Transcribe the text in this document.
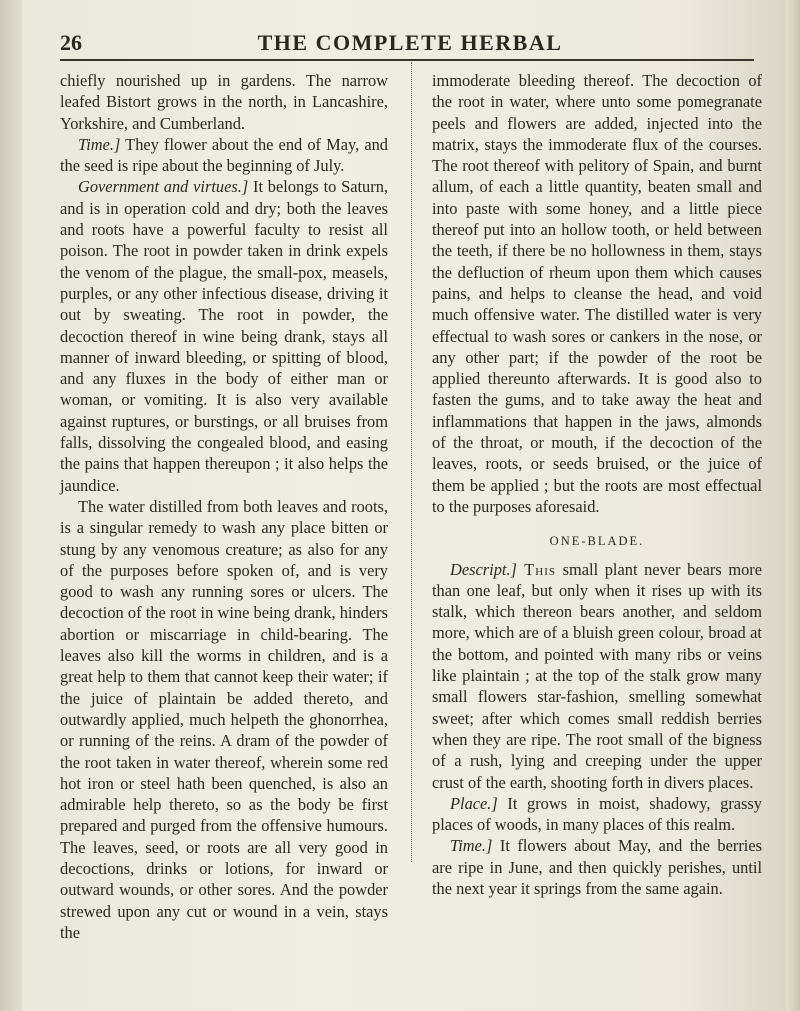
26	THE COMPLETE HERBAL

chiefly nourished up in gardens. The narrow leafed Bistort grows in the north, in Lancashire, Yorkshire, and Cumberland.

Time.] They flower about the end of May, and the seed is ripe about the beginning of July.

Government and virtues.] It belongs to Saturn, and is in operation cold and dry; both the leaves and roots have a powerful faculty to resist all poison. The root in powder taken in drink expels the venom of the plague, the small-pox, measels, purples, or any other infectious disease, driving it out by sweating. The root in powder, the decoction thereof in wine being drank, stays all manner of inward bleeding, or spitting of blood, and any fluxes in the body of either man or woman, or vomiting. It is also very available against ruptures, or burstings, or all bruises from falls, dissolving the congealed blood, and easing the pains that happen thereupon ; it also helps the jaundice.

The water distilled from both leaves and roots, is a singular remedy to wash any place bitten or stung by any venomous creature; as also for any of the purposes before spoken of, and is very good to wash any running sores or ulcers. The decoction of the root in wine being drank, hinders abortion or miscarriage in child-bearing. The leaves also kill the worms in children, and is a great help to them that cannot keep their water; if the juice of plaintain be added thereto, and outwardly applied, much helpeth the ghonorrhea, or running of the reins. A dram of the powder of the root taken in water thereof, wherein some red hot iron or steel hath been quenched, is also an admirable help thereto, so as the body be first prepared and purged from the offensive humours. The leaves, seed, or roots are all very good in decoctions, drinks or lotions, for inward or outward wounds, or other sores. And the powder strewed upon any cut or wound in a vein, stays the

immoderate bleeding thereof. The decoction of the root in water, where unto some pomegranate peels and flowers are added, injected into the matrix, stays the immoderate flux of the courses. The root thereof with pelitory of Spain, and burnt allum, of each a little quantity, beaten small and into paste with some honey, and a little piece thereof put into an hollow tooth, or held between the teeth, if there be no hollowness in them, stays the defluction of rheum upon them which causes pains, and helps to cleanse the head, and void much offensive water. The distilled water is very effectual to wash sores or cankers in the nose, or any other part; if the powder of the root be applied thereunto afterwards. It is good also to fasten the gums, and to take away the heat and inflammations that happen in the jaws, almonds of the throat, or mouth, if the decoction of the leaves, roots, or seeds bruised, or the juice of them be applied ; but the roots are most effectual to the purposes aforesaid.

ONE-BLADE.

Descript.] This small plant never bears more than one leaf, but only when it rises up with its stalk, which thereon bears another, and seldom more, which are of a bluish green colour, broad at the bottom, and pointed with many ribs or veins like plaintain ; at the top of the stalk grow many small flowers star-fashion, smelling somewhat sweet; after which comes small reddish berries when they are ripe. The root small of the bigness of a rush, lying and creeping under the upper crust of the earth, shooting forth in divers places.

Place.] It grows in moist, shadowy, grassy places of woods, in many places of this realm.

Time.] It flowers about May, and the berries are ripe in June, and then quickly perishes, until the next year it springs from the same again.
